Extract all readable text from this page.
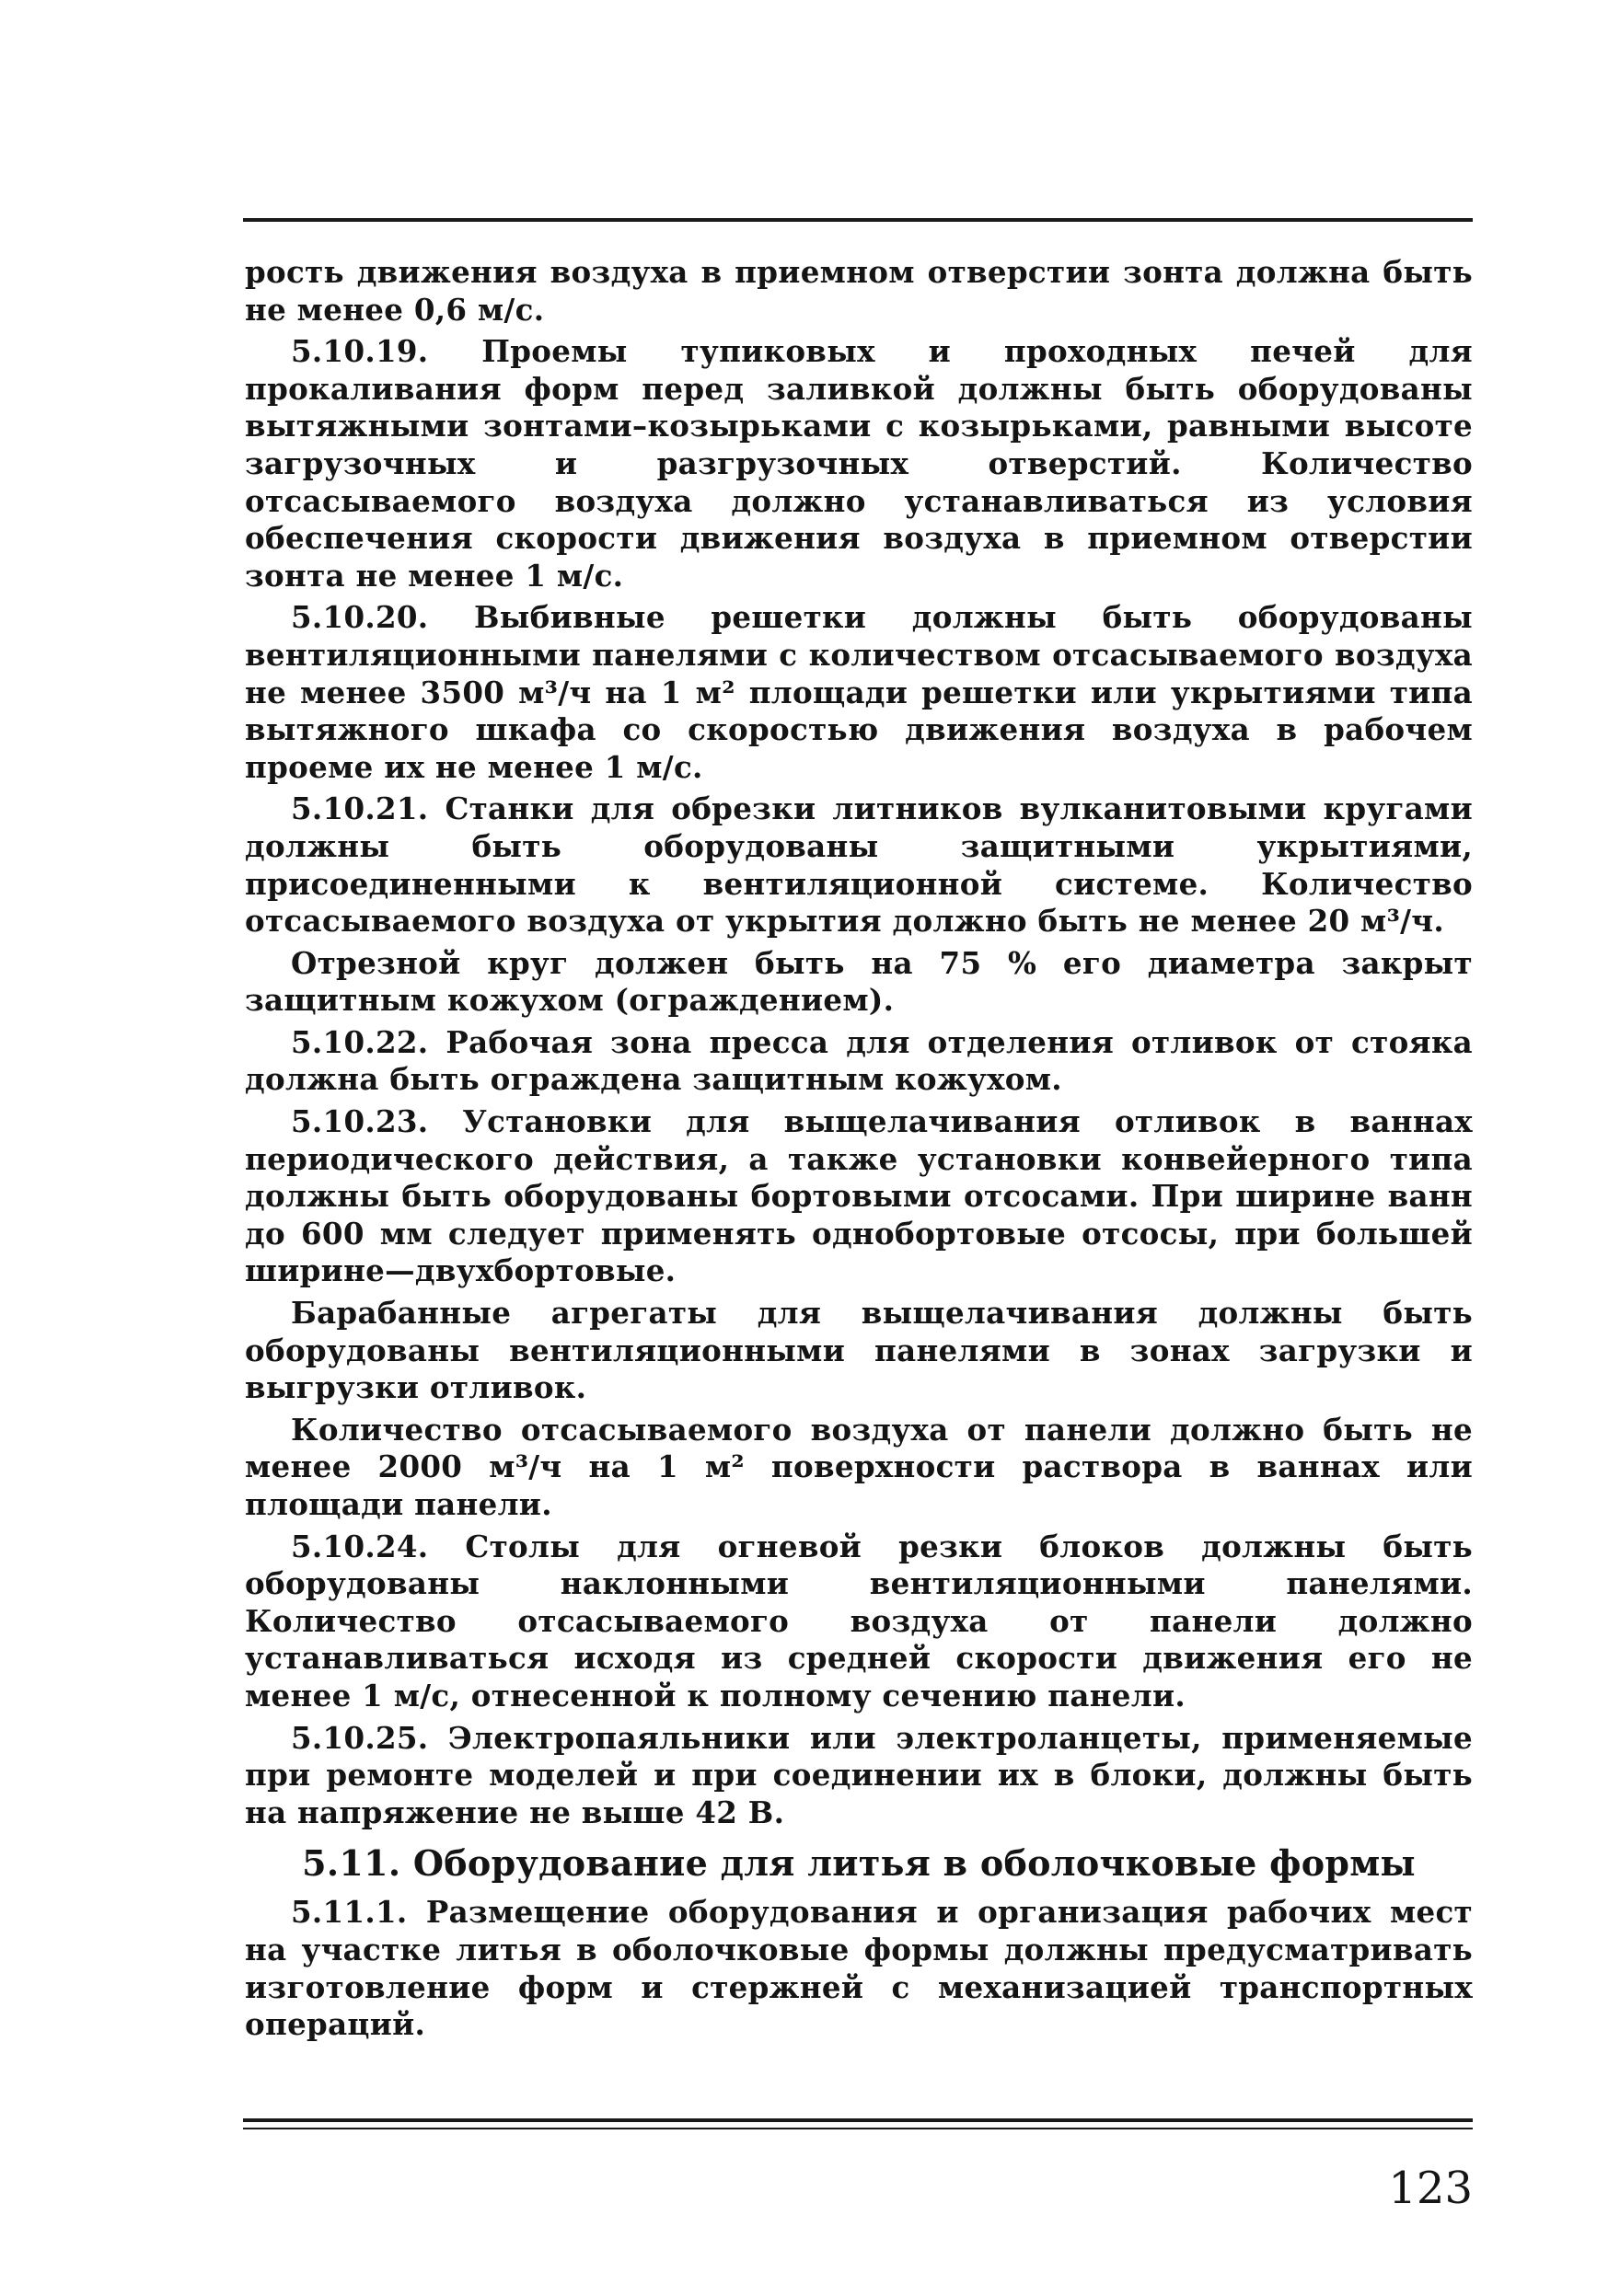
рость движения воздуха в приемном отверстии зонта должна быть не менее 0,6 м/с.

5.10.19. Проемы тупиковых и проходных печей для прокаливания форм перед заливкой должны быть оборудованы вытяжными зонтами–козырьками с козырьками, равными высоте загрузочных и разгрузочных отверстий. Количество отсасываемого воздуха должно устанавливаться из условия обеспечения скорости движения воздуха в приемном отверстии зонта не менее 1 м/с.

5.10.20. Выбивные решетки должны быть оборудованы вентиляционными панелями с количеством отсасываемого воздуха не менее 3500 м³/ч на 1 м² площади решетки или укрытиями типа вытяжного шкафа со скоростью движения воздуха в рабочем проеме их не менее 1 м/с.

5.10.21. Станки для обрезки литников вулканитовыми кругами должны быть оборудованы защитными укрытиями, присоединенными к вентиляционной системе. Количество отсасываемого воздуха от укрытия должно быть не менее 20 м³/ч.

Отрезной круг должен быть на 75 % его диаметра закрыт защитным кожухом (ограждением).

5.10.22. Рабочая зона пресса для отделения отливок от стояка должна быть ограждена защитным кожухом.

5.10.23. Установки для выщелачивания отливок в ваннах периодического действия, а также установки конвейерного типа должны быть оборудованы бортовыми отсосами. При ширине ванн до 600 мм следует применять однобортовые отсосы, при большей ширине—двухбортовые.

Барабанные агрегаты для выщелачивания должны быть оборудованы вентиляционными панелями в зонах загрузки и выгрузки отливок.

Количество отсасываемого воздуха от панели должно быть не менее 2000 м³/ч на 1 м² поверхности раствора в ваннах или площади панели.

5.10.24. Столы для огневой резки блоков должны быть оборудованы наклонными вентиляционными панелями. Количество отсасываемого воздуха от панели должно устанавливаться исходя из средней скорости движения его не менее 1 м/с, отнесенной к полному сечению панели.

5.10.25. Электропаяльники или электроланцеты, применяемые при ремонте моделей и при соединении их в блоки, должны быть на напряжение не выше 42 В.

5.11. Оборудование для литья в оболочковые формы

5.11.1. Размещение оборудования и организация рабочих мест на участке литья в оболочковые формы должны предусматривать изготовление форм и стержней с механизацией транспортных операций.

123
